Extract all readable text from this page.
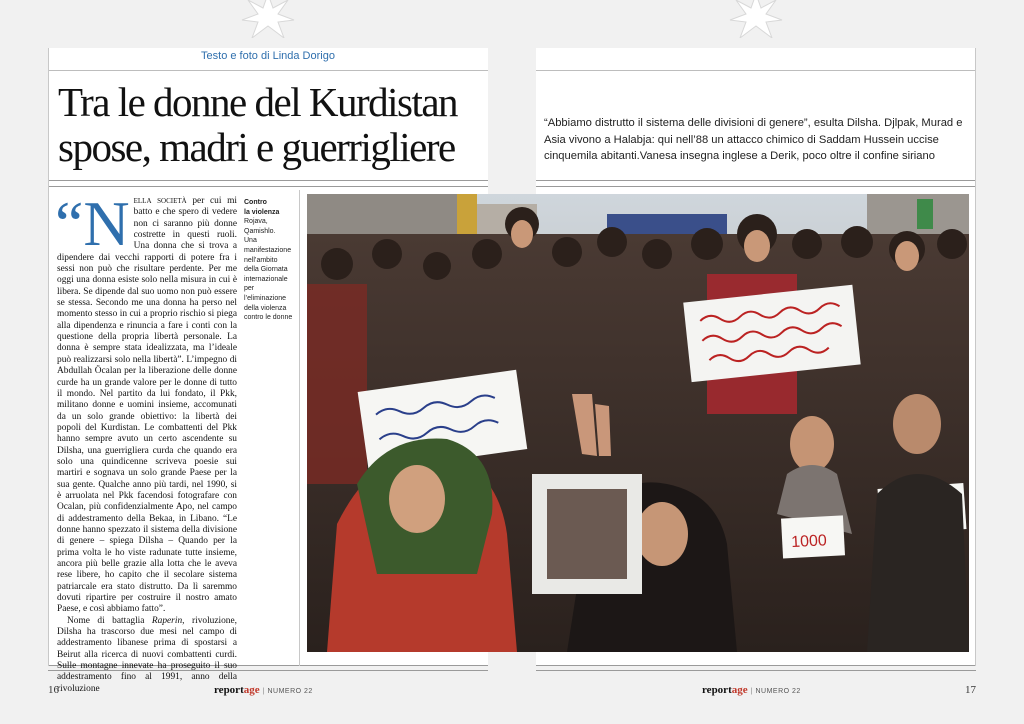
Testo e foto di Linda Dorigo
Tra le donne del Kurdistan
spose, madri e guerrigliere

“Abbiamo distrutto il sistema delle divisioni di genere”, esulta Dilsha. Djlpak, Murad e Asia vivono a Halabja: qui nell’88 un attacco chimico di Saddam Hussein uccise cinquemila abitanti.Vanesa insegna inglese a Derik, poco oltre il confine siriano

“Nella società per cui mi batto e che spero di vedere non ci saranno più donne costrette in questi ruoli. Una donna che si trova a dipendere dai vecchi rapporti di potere fra i sessi non può che risultare perdente. Per me oggi una donna esiste solo nella misura in cui è libera. Se dipende dal suo uomo non può essere se stessa. Secondo me una donna ha perso nel momento stesso in cui a proprio rischio si piega alla dipendenza e rinuncia a fare i conti con la questione della propria libertà personale. La donna è sempre stata idealizzata, ma l’ideale può realizzarsi solo nella libertà”. L’impegno di Abdullah Öcalan per la liberazione delle donne curde ha un grande valore per le donne di tutto il mondo. Nel partito da lui fondato, il Pkk, militano donne e uomini insieme, accomunati da un solo grande obiettivo: la libertà dei popoli del Kurdistan. Le combattenti del Pkk hanno sempre avuto un certo ascendente su Dilsha, una guerrigliera curda che quando era solo una quindicenne scriveva poesie sui martiri e sognava un solo grande Paese per la sua gente. Qualche anno più tardi, nel 1990, si è arruolata nel Pkk facendosi fotografare con Ocalan, più confidenzialmente Apo, nel campo di addestramento della Bekaa, in Libano. “Le donne hanno spezzato il sistema della divisione di genere – spiega Dilsha – Quando per la prima volta le ho viste radunate tutte insieme, ancora più belle grazie alla lotta che le aveva rese libere, ho capito che il secolare sistema patriarcale era stato distrutto. Da lì saremmo dovuti ripartire per costruire il nostro amato Paese, e così abbiamo fatto”.

Nome di battaglia Raperin, rivoluzione, Dilsha ha trascorso due mesi nel campo di addestramento libanese prima di spostarsi a Beirut alla ricerca di nuovi combattenti curdi. Sulle montagne innevate ha proseguito il suo addestramento fino al 1991, anno della rivoluzione

Contro
la violenza
Rojava,
Qamishlo.
Una
manifestazione
nell’ambito
della Giornata
internazionale
per
l’eliminazione
della violenza
contro le donne
1000
16	reportage | NUMERO 22	reportage | NUMERO 22	17
